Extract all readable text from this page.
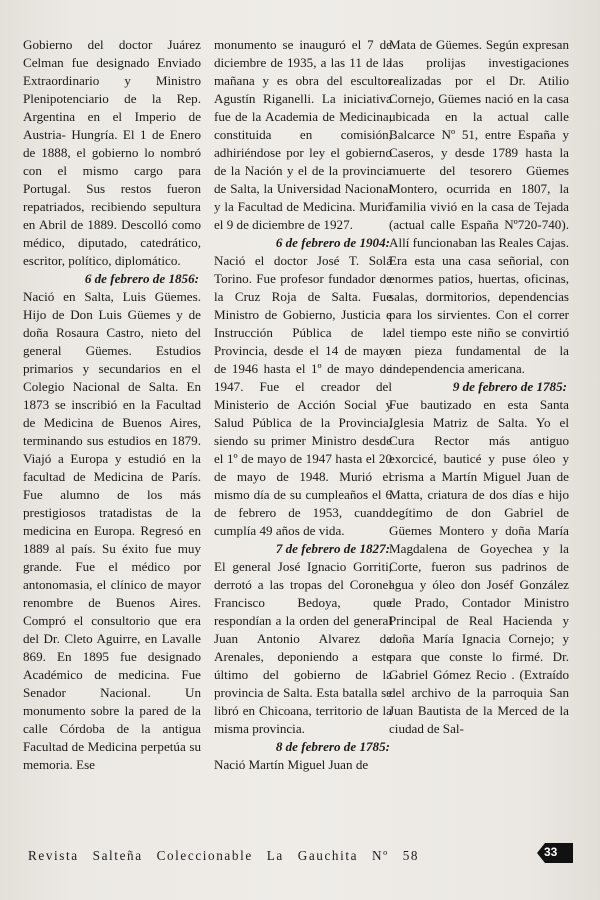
Gobierno del doctor Juárez Celman fue designado Enviado Extraordinario y Ministro Plenipotenciario de la Rep. Argentina en el Imperio de Austria- Hungría. El 1 de Enero de 1888, el gobierno lo nombró con el mismo cargo para Portugal. Sus restos fueron repatriados, recibiendo sepultura en Abril de 1889. Descolló como médico, diputado, catedrático, escritor, político, diplomático.

6 de febrero de 1856:

Nació en Salta, Luis Güemes. Hijo de Don Luis Güemes y de doña Rosaura Castro, nieto del general Güemes. Estudios primarios y secundarios en el Colegio Nacional de Salta. En 1873 se inscribió en la Facultad de Medicina de Buenos Aires, terminando sus estudios en 1879. Viajó a Europa y estudió en la facultad de Medicina de París. Fue alumno de los más prestigiosos tratadistas de la medicina en Europa. Regresó en 1889 al país. Su éxito fue muy grande. Fue el médico por antonomasia, el clínico de mayor renombre de Buenos Aires. Compró el consultorio que era del Dr. Cleto Aguirre, en Lavalle 869. En 1895 fue designado Académico de medicina. Fue Senador Nacional. Un monumento sobre la pared de la calle Córdoba de la antigua Facultad de Medicina perpetúa su memoria. Ese

monumento se inauguró el 7 de diciembre de 1935, a las 11 de la mañana y es obra del escultor Agustín Riganelli. La iniciativa fue de la Academia de Medicina, constituida en comisión, adhiriéndose por ley el gobierno de la Nación y el de la provincia de Salta, la Universidad Nacional y la Facultad de Medicina. Murió el 9 de diciembre de 1927.

6 de febrero de 1904:

Nació el doctor José T. Solá Torino. Fue profesor fundador de la Cruz Roja de Salta. Fue Ministro de Gobierno, Justicia e Instrucción Pública de la Provincia, desde el 14 de mayo de 1946 hasta el 1º de mayo de 1947. Fue el creador del Ministerio de Acción Social y Salud Pública de la Provincia, siendo su primer Ministro desde el 1º de mayo de 1947 hasta el 20 de mayo de 1948. Murió el mismo día de su cumpleaños el 6 de febrero de 1953, cuando cumplía 49 años de vida.

7 de febrero de 1827:

El general José Ignacio Gorriti, derrotó a las tropas del Coronel Francisco Bedoya, que respondían a la orden del general Juan Antonio Alvarez de Arenales, deponiendo a este último del gobierno de la provincia de Salta. Esta batalla se libró en Chicoana, territorio de la misma provincia.

8 de febrero de 1785:

Nació Martín Miguel Juan de

Mata de Güemes. Según expresan las prolijas investigaciones realizadas por el Dr. Atilio Cornejo, Güemes nació en la casa ubicada en la actual calle Balcarce Nº 51, entre España y Caseros, y desde 1789 hasta la muerte del tesorero Güemes Montero, ocurrida en 1807, la familia vivió en la casa de Tejada (actual calle España Nº720-740). Allí funcionaban las Reales Cajas. Era esta una casa señorial, con enormes patios, huertas, oficinas, salas, dormitorios, dependencias para los sirvientes. Con el correr del tiempo este niño se convirtió en pieza fundamental de la independencia americana.

9 de febrero de 1785:

Fue bautizado en esta Santa Iglesia Matriz de Salta. Yo el Cura Rector más antiguo exorcicé, bauticé y puse óleo y crisma a Martín Miguel Juan de Matta, criatura de dos días e hijo legítimo de don Gabriel de Güemes Montero y doña María Magdalena de Goyechea y la Corte, fueron sus padrinos de agua y óleo don Joséf González de Prado, Contador Ministro Principal de Real Hacienda y doña María Ignacia Cornejo; y para que conste lo firmé. Dr. Gabriel Gómez Recio . (Extraído del archivo de la parroquia San Juan Bautista de la Merced de la ciudad de Sal-

Revista Salteña Coleccionable La Gauchita Nº 58	33
